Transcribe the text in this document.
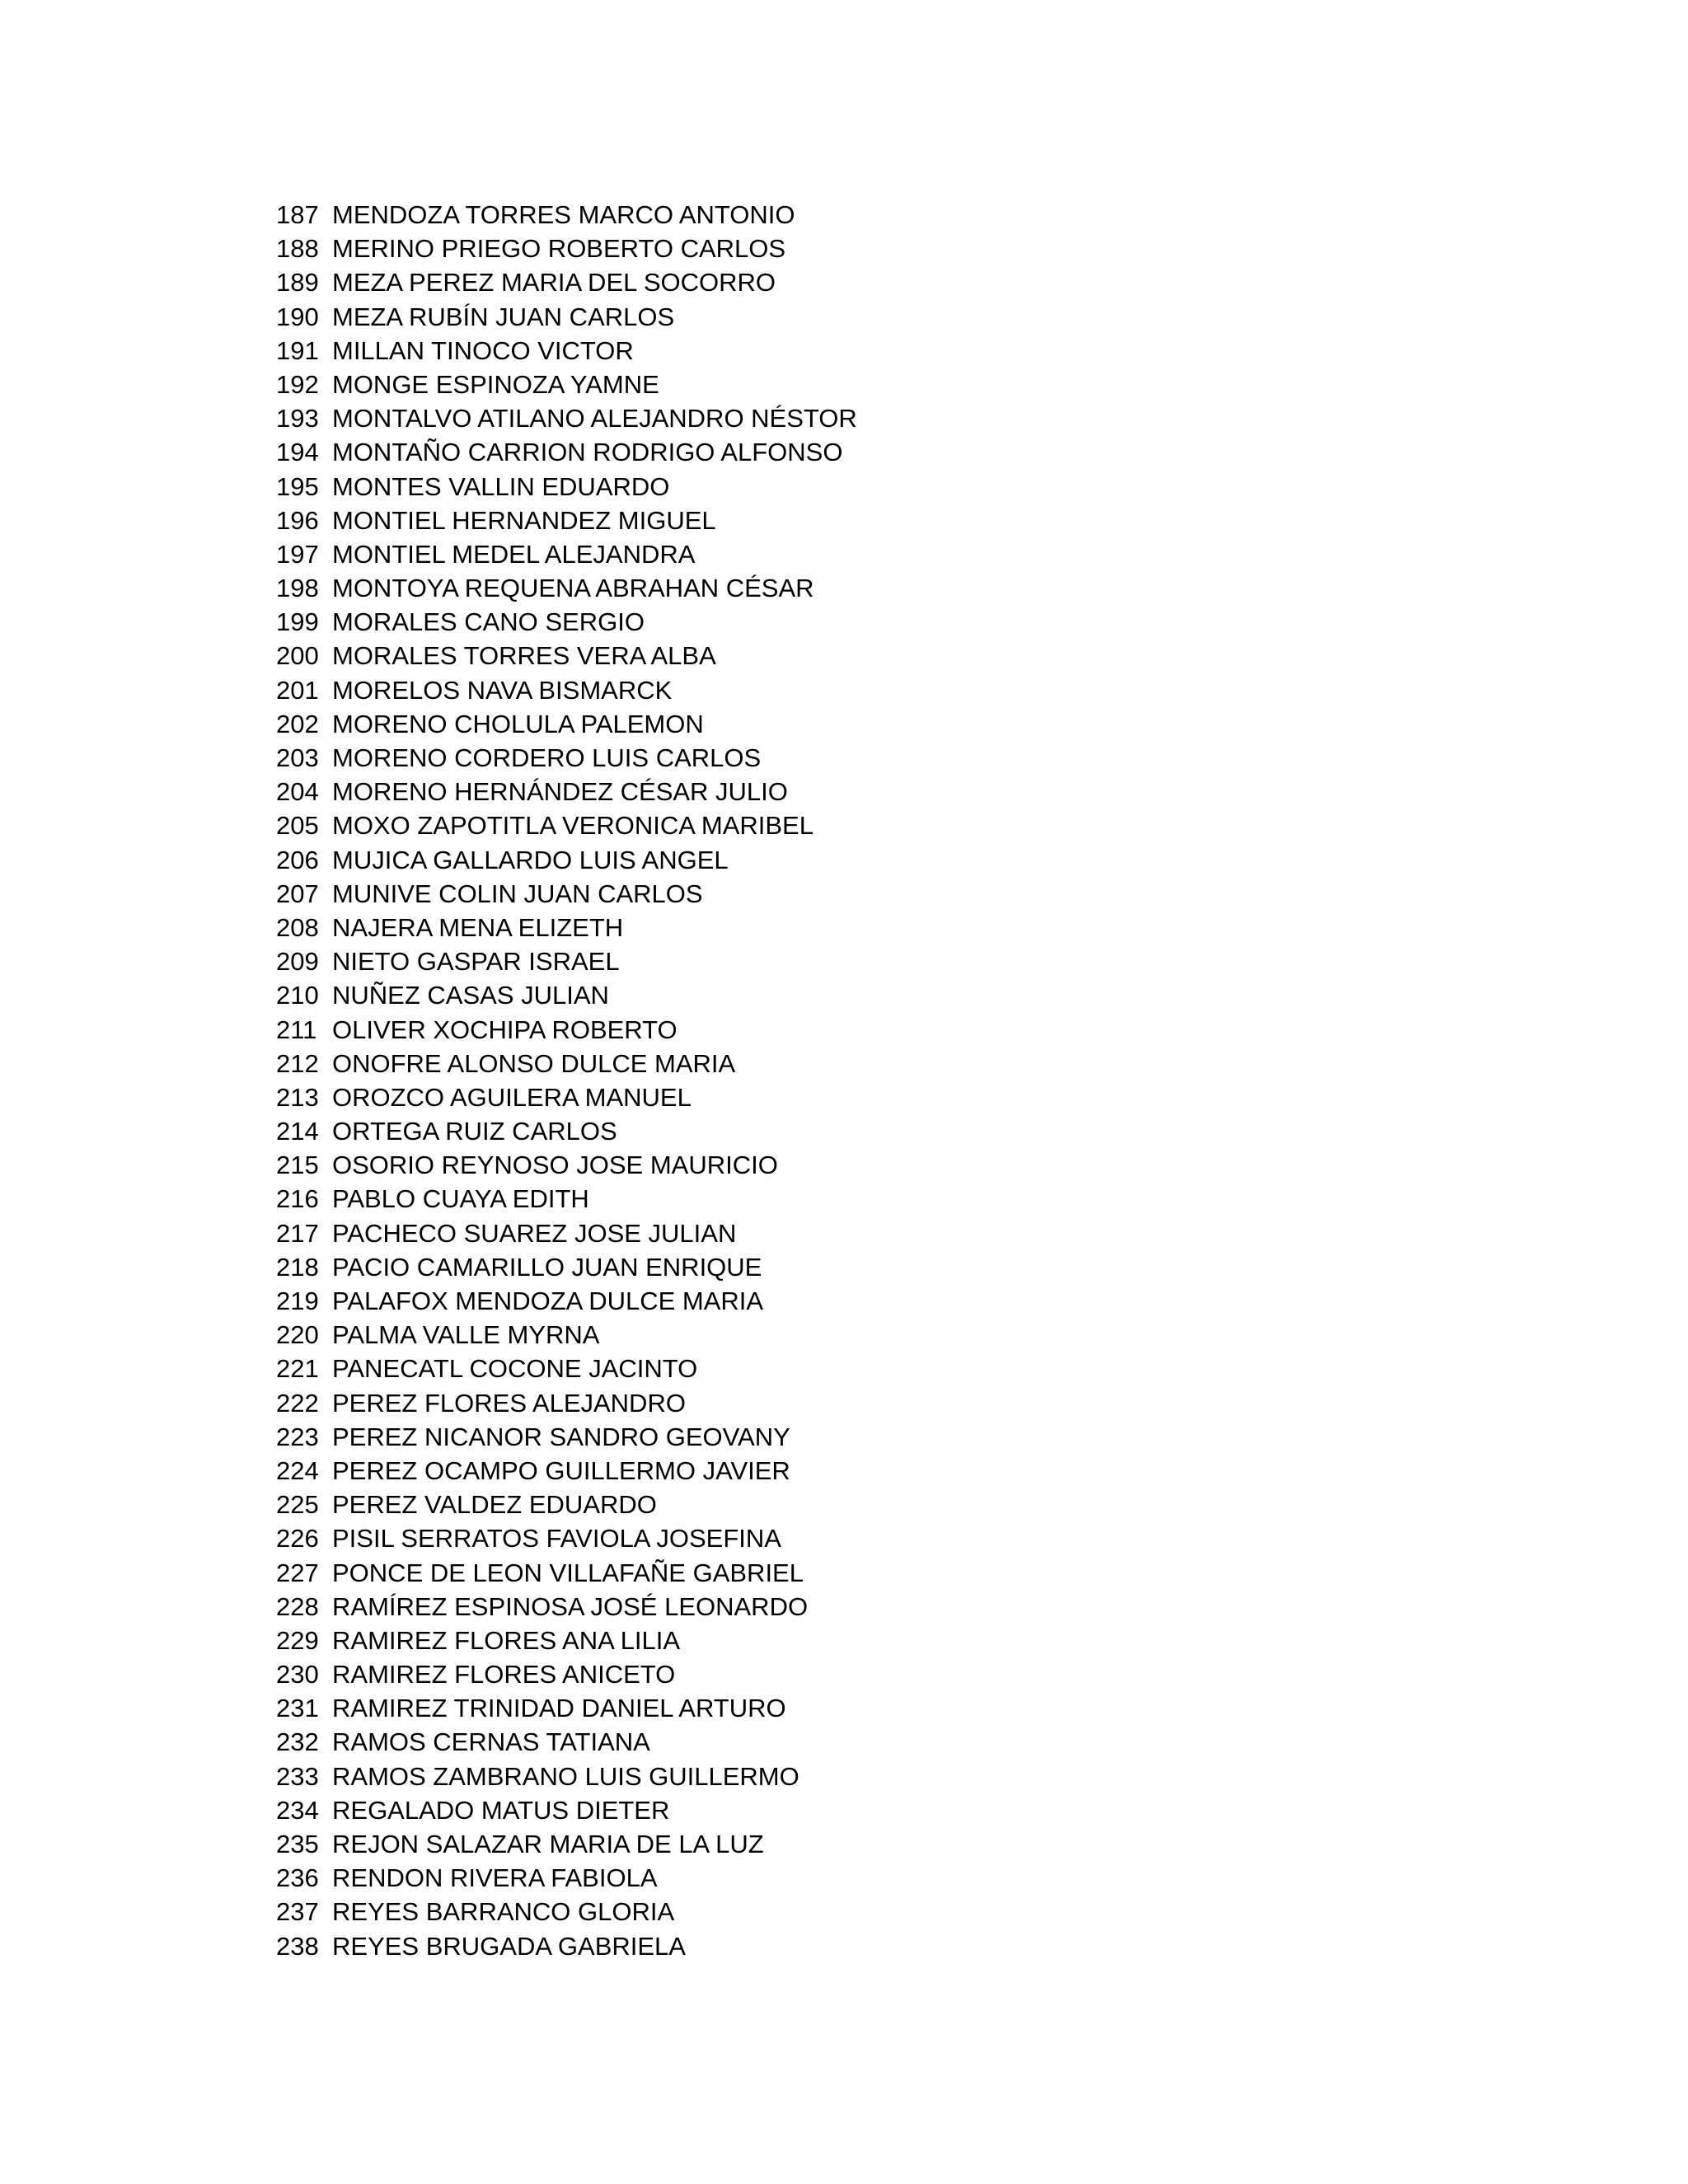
187 MENDOZA TORRES MARCO ANTONIO
188 MERINO PRIEGO ROBERTO CARLOS
189 MEZA PEREZ MARIA DEL SOCORRO
190 MEZA RUBÍN JUAN CARLOS
191 MILLAN TINOCO VICTOR
192 MONGE ESPINOZA YAMNE
193 MONTALVO ATILANO ALEJANDRO NÉSTOR
194 MONTAÑO CARRION RODRIGO ALFONSO
195 MONTES VALLIN EDUARDO
196 MONTIEL HERNANDEZ MIGUEL
197 MONTIEL MEDEL ALEJANDRA
198 MONTOYA REQUENA ABRAHAN CÉSAR
199 MORALES CANO SERGIO
200 MORALES TORRES VERA ALBA
201 MORELOS NAVA BISMARCK
202 MORENO CHOLULA PALEMON
203 MORENO CORDERO LUIS CARLOS
204 MORENO HERNÁNDEZ CÉSAR JULIO
205 MOXO ZAPOTITLA VERONICA MARIBEL
206 MUJICA GALLARDO LUIS ANGEL
207 MUNIVE COLIN JUAN CARLOS
208 NAJERA MENA ELIZETH
209 NIETO GASPAR ISRAEL
210 NUÑEZ CASAS JULIAN
211 OLIVER XOCHIPA ROBERTO
212 ONOFRE ALONSO DULCE MARIA
213 OROZCO AGUILERA MANUEL
214 ORTEGA RUIZ CARLOS
215 OSORIO REYNOSO JOSE MAURICIO
216 PABLO CUAYA EDITH
217 PACHECO SUAREZ JOSE JULIAN
218 PACIO CAMARILLO JUAN ENRIQUE
219 PALAFOX MENDOZA DULCE MARIA
220 PALMA VALLE MYRNA
221 PANECATL COCONE JACINTO
222 PEREZ FLORES ALEJANDRO
223 PEREZ NICANOR SANDRO GEOVANY
224 PEREZ OCAMPO GUILLERMO JAVIER
225 PEREZ VALDEZ EDUARDO
226 PISIL SERRATOS FAVIOLA JOSEFINA
227 PONCE DE LEON VILLAFAÑE GABRIEL
228 RAMÍREZ ESPINOSA JOSÉ LEONARDO
229 RAMIREZ FLORES ANA LILIA
230 RAMIREZ FLORES ANICETO
231 RAMIREZ TRINIDAD DANIEL ARTURO
232 RAMOS CERNAS TATIANA
233 RAMOS ZAMBRANO LUIS GUILLERMO
234 REGALADO MATUS DIETER
235 REJON SALAZAR MARIA DE LA LUZ
236 RENDON RIVERA FABIOLA
237 REYES BARRANCO GLORIA
238 REYES BRUGADA GABRIELA
